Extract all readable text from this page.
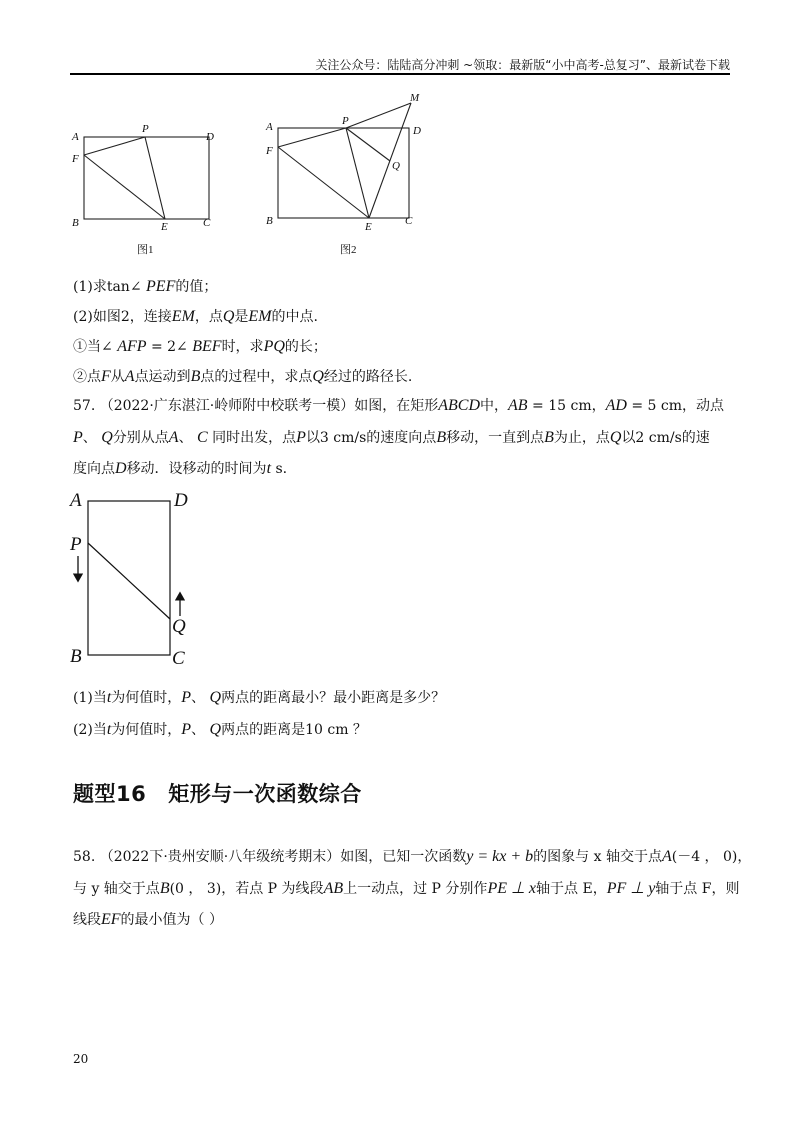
关注公众号：陆陆高分冲刺 ~领取：最新版“小中高考-总复习”、最新试卷下载
A
P
D
F
B	E	C
图1
A	P
D
M
F
Q
B	E	C
图2
(1)求tan∠ PEF的值；
(2)如图2，连接EM，点Q是EM的中点.
①当∠ AFP = 2∠ BEF时，求PQ的长；
②点F从A点运动到B点的过程中，求点Q经过的路径长.
57. （2022·广东湛江·岭师附中校联考一模）如图，在矩形ABCD中，AB = 15 cm，AD = 5 cm，动点
P、 Q分别从点A、 C 同时出发，点P以3 cm/s的速度向点B移动，一直到点B为止，点Q以2 cm/s的速
度向点D移动．设移动的时间为t s.
A	D
P
Q
B	C
(1)当t为何值时，P、 Q两点的距离最小？最小距离是多少？
(2)当t为何值时，P、 Q两点的距离是10 cm ？
题型16 矩形与一次函数综合
58. （2022下·贵州安顺·八年级统考期末）如图，已知一次函数y = kx + b的图象与 x 轴交于点A(－4 ， 0)，
与 y 轴交于点B(0 ， 3)，若点 P 为线段AB上一动点，过 P 分别作PE ⊥ x轴于点 E，PF ⊥ y轴于点 F，则
线段EF的最小值为（ ）
20
